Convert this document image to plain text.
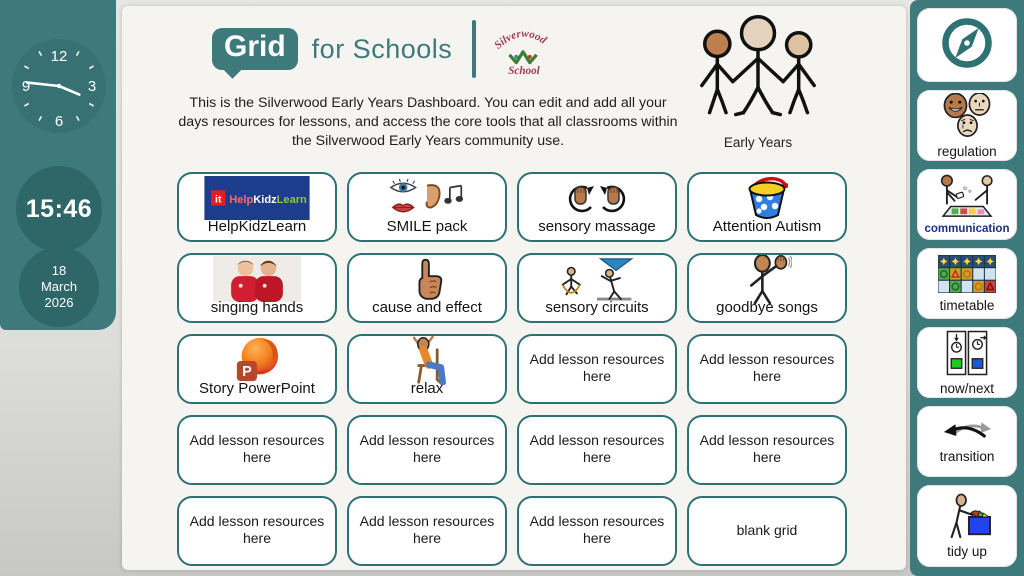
12
3
6
9
15:46
18
March
2026
Grid for Schools	Silverwood
School
This is the Silverwood Early Years Dashboard. You can edit and add all your days resources for lessons, and access the core tools that all classrooms within the Silverwood Early Years community use.	Early Years
it HelpKidzLearn
HelpKidzLearn	SMILE pack	sensory massage	Attention Autism
singing hands	cause and effect	sensory circuits	goodbye songs
P
Story PowerPoint	relax
Add lesson resources here
Add lesson resources here
Add lesson resources here
Add lesson resources here
Add lesson resources here
Add lesson resources here
Add lesson resources here
Add lesson resources here
Add lesson resources here
blank grid
regulation
communication
timetable
now/next
transition
tidy up
